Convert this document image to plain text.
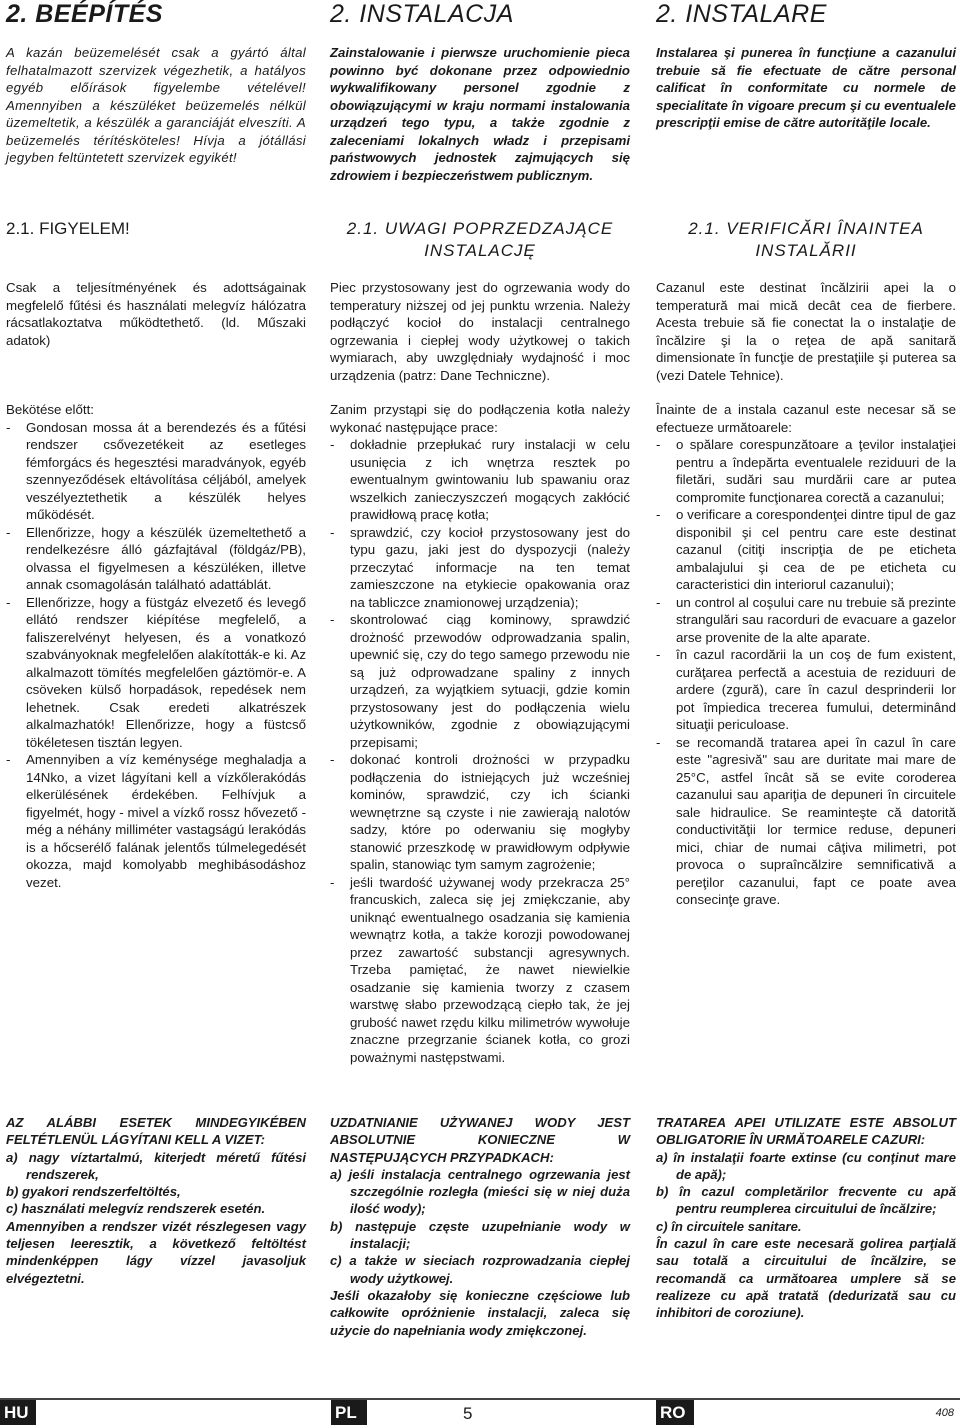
2. BEÉPÍTÉS

A kazán beüzemelését csak a gyártó által felhatalmazott szervizek végezhetik, a hatályos egyéb előírások figyelembe vételével! Amennyiben a készüléket beüzemelés nélkül üzemeltetik, a készülék a garanciáját elveszíti. A beüzemelés térítésköteles! Hívja a jótállási jegyben feltüntetett szervizek egyikét!

2.1. FIGYELEM!

Csak a teljesítményének és adottságainak megfelelő fűtési és használati melegvíz hálózatra rácsatlakoztatva működtethető. (ld. Műszaki adatok)

Bekötése előtt:

- Gondosan mossa át a berendezés és a fűtési rendszer csővezetékeit az esetleges fémforgács és hegesztési maradványok, egyéb szennyeződések eltávolítása céljából, amelyek veszélyeztethetik a készülék helyes működését.
- Ellenőrizze, hogy a készülék üzemeltethető a rendelkezésre álló gázfajtával (földgáz/PB), olvassa el figyelmesen a készüléken, illetve annak csomagolásán található adattáblát.
- Ellenőrizze, hogy a füstgáz elvezető és levegő ellátó rendszer kiépítése megfelelő, a faliszerelvényt helyesen, és a vonatkozó szabványoknak megfelelően alakították-e ki. Az alkalmazott tömítés megfelelően gáztömör-e. A csöveken külső horpadások, repedések nem lehetnek. Csak eredeti alkatrészek alkalmazhatók! Ellenőrizze, hogy a füstcső tökéletesen tisztán legyen.
- Amennyiben a víz keménysége meghaladja a 14Nko, a vizet lágyítani kell a vízkőlerakódás elkerülésének érdekében. Felhívjuk a figyelmét, hogy - mivel a vízkő rossz hővezető - még a néhány milliméter vastagságú lerakódás is a hőcserélő falának jelentős túlmelegedését okozza, majd komolyabb meghibásodáshoz vezet.

AZ ALÁBBI ESETEK MINDEGYIKÉBEN FELTÉTLENÜL LÁGYÍTANI KELL A VIZET:

a) nagy víztartalmú, kiterjedt méretű fűtési rendszerek,
b) gyakori rendszerfeltöltés,
c) használati melegvíz rendszerek esetén.

Amennyiben a rendszer vizét részlegesen vagy teljesen leeresztik, a következő feltöltést mindenképpen lágy vízzel javasoljuk elvégeztetni.

2. INSTALACJA

Zainstalowanie i pierwsze uruchomienie pieca powinno być dokonane przez odpowiednio wykwalifikowany personel zgodnie z obowiązującymi w kraju normami instalowania urządzeń tego typu, a także zgodnie z zaleceniami lokalnych władz i przepisami państwowych jednostek zajmujących się zdrowiem i bezpieczeństwem publicznym.

2.1. UWAGI POPRZEDZAJĄCE INSTALACJĘ

Piec przystosowany jest do ogrzewania wody do temperatury niższej od jej punktu wrzenia. Należy podłączyć kocioł do instalacji centralnego ogrzewania i ciepłej wody użytkowej o takich wymiarach, aby uwzględniały wydajność i moc urządzenia (patrz: Dane Techniczne).

Zanim przystąpi się do podłączenia kotła należy wykonać następujące prace:

- dokładnie przepłukać rury instalacji w celu usunięcia z ich wnętrza resztek po ewentualnym gwintowaniu lub spawaniu oraz wszelkich zanieczyszczeń mogących zakłócić prawidłową pracę kotła;
- sprawdzić, czy kocioł przystosowany jest do typu gazu, jaki jest do dyspozycji (należy przeczytać informacje na ten temat zamieszczone na etykiecie opakowania oraz na tabliczce znamionowej urządzenia);
- skontrolować ciąg kominowy, sprawdzić drożność przewodów odprowadzania spalin, upewnić się, czy do tego samego przewodu nie są już odprowadzane spaliny z innych urządzeń, za wyjątkiem sytuacji, gdzie komin przystosowany jest do podłączenia wielu użytkowników, zgodnie z obowiązującymi przepisami;
- dokonać kontroli drożności w przypadku podłączenia do istniejących już wcześniej kominów, sprawdzić, czy ich ścianki wewnętrzne są czyste i nie zawierają nalotów sadzy, które po oderwaniu się mogłyby stanowić przeszkodę w prawidłowym odpływie spalin, stanowiąc tym samym zagrożenie;
- jeśli twardość używanej wody przekracza 25° francuskich, zaleca się jej zmiękczanie, aby uniknąć ewentualnego osadzania się kamienia wewnątrz kotła, a także korozji powodowanej przez zawartość substancji agresywnych. Trzeba pamiętać, że nawet niewielkie osadzanie się kamienia tworzy z czasem warstwę słabo przewodzącą ciepło tak, że jej grubość nawet rzędu kilku milimetrów wywołuje znaczne przegrzanie ścianek kotła, co grozi poważnymi następstwami.

UZDATNIANIE UŻYWANEJ WODY JEST ABSOLUTNIE KONIECZNE W NASTĘPUJĄCYCH PRZYPADKACH:

a) jeśli instalacja centralnego ogrzewania jest szczególnie rozległa (mieści się w niej duża ilość wody);
b) następuje częste uzupełnianie wody w instalacji;
c) a także w sieciach rozprowadzania ciepłej wody użytkowej.

Jeśli okazałoby się konieczne częściowe lub całkowite opróżnienie instalacji, zaleca się użycie do napełniania wody zmiękczonej.

2. INSTALARE

Instalarea şi punerea în funcţiune a cazanului trebuie să fie efectuate de către personal calificat în conformitate cu normele de specialitate în vigoare precum şi cu eventualele prescripţii emise de către autorităţile locale.

2.1. VERIFICĂRI ÎNAINTEA INSTALĂRII

Cazanul este destinat încălzirii apei la o temperatură mai mică decât cea de fierbere. Acesta trebuie să fie conectat la o instalaţie de încălzire şi la o reţea de apă sanitară dimensionate în funcţie de prestaţiile şi puterea sa (vezi Datele Tehnice).

Înainte de a instala cazanul este necesar să se efectueze următoarele:

- o spălare corespunzătoare a ţevilor instalaţiei pentru a îndepărta eventualele reziduuri de la filetări, sudări sau murdării care ar putea compromite funcţionarea corectă a cazanului;
- o verificare a corespondenţei dintre tipul de gaz disponibil şi cel pentru care este destinat cazanul (citiţi inscripţia de pe eticheta ambalajului şi cea de pe eticheta cu caracteristici din interiorul cazanului);
- un control al coşului care nu trebuie să prezinte strangulări sau racorduri de evacuare a gazelor arse provenite de la alte aparate.
- în cazul racordării la un coş de fum existent, curăţarea perfectă a acestuia de reziduuri de ardere (zgură), care în cazul desprinderii lor pot împiedica trecerea fumului, determinând situaţii periculoase.
- se recomandă tratarea apei în cazul în care este "agresivă" sau are duritate mai mare de 25°C, astfel încât să se evite coroderea cazanului sau apariţia de depuneri în circuitele sale hidraulice. Se reaminteşte că datorită conductivităţii lor termice reduse, depuneri mici, chiar de numai câţiva milimetri, pot provoca o supraîncălzire semnificativă a pereţilor cazanului, fapt ce poate avea consecinţe grave.

TRATAREA APEI UTILIZATE ESTE ABSOLUT OBLIGATORIE ÎN URMĂTOARELE CAZURI:

a) în instalaţii foarte extinse (cu conţinut mare de apă);
b) în cazul completărilor frecvente cu apă pentru reumplerea circuitului de încălzire;
c) în circuitele sanitare.

În cazul în care este necesară golirea parţială sau totală a circuitului de încălzire, se recomandă ca următoarea umplere să se realizeze cu apă tratată (dedurizată sau cu inhibitori de coroziune).

HU	PL	RO
5	408
